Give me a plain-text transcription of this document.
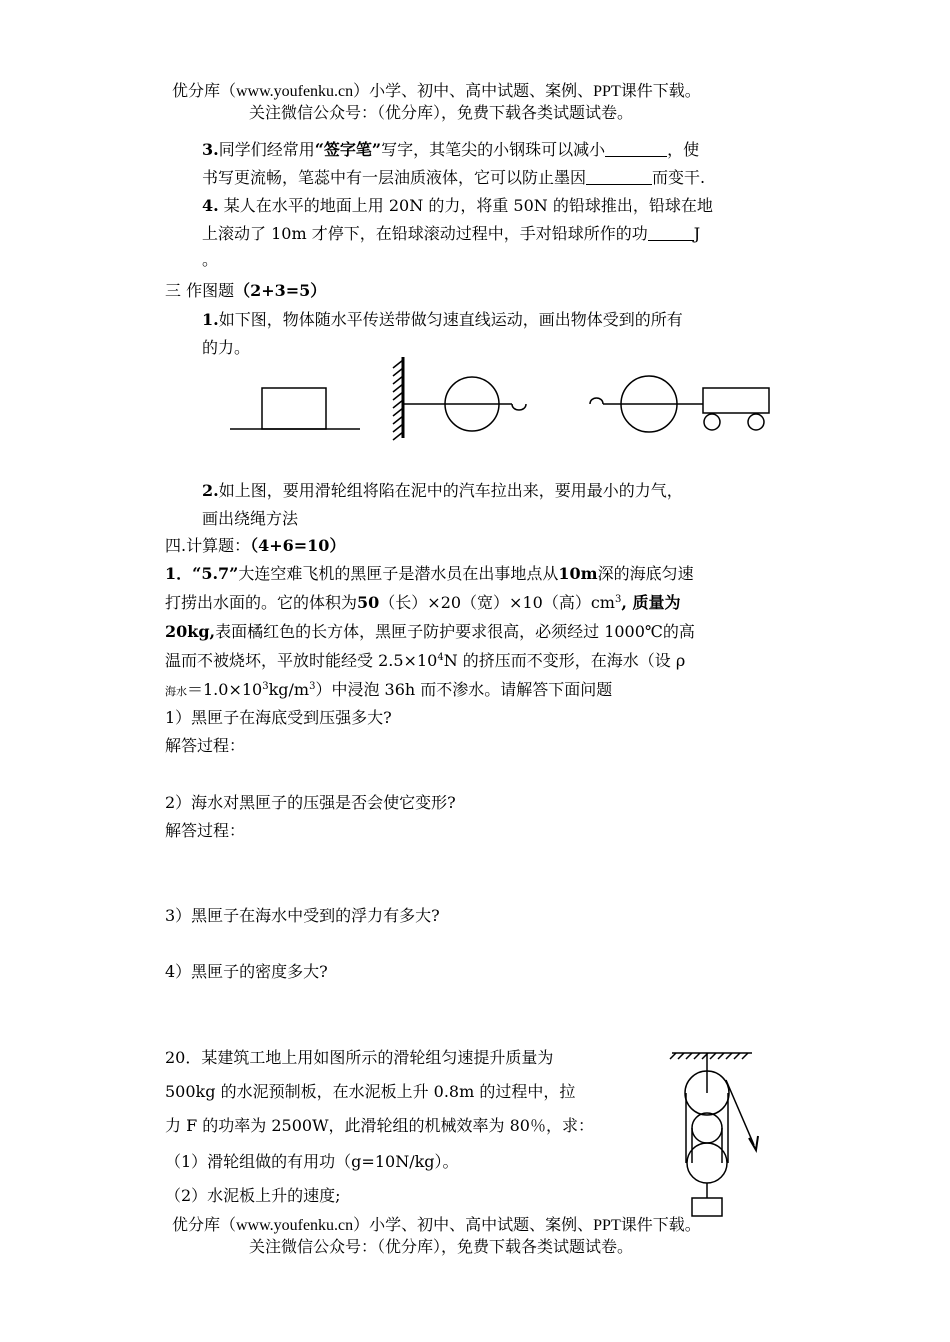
优分库（www.youfenku.cn）小学、初中、高中试题、案例、PPT课件下载。
关注微信公众号：（优分库），免费下载各类试题试卷。
3.同学们经常用“签字笔”写字，其笔尖的小钢珠可以减小	，使
书写更流畅，笔蕊中有一层油质液体，它可以防止墨因	而变干.
4. 某人在水平的地面上用 20N 的力，将重 50N 的铅球推出，铅球在地
上滚动了 10m 才停下，在铅球滚动过程中，手对铅球所作的功	J
。
三 作图题（2+3=5）
1.如下图，物体随水平传送带做匀速直线运动，画出物体受到的所有
的力。
2.如上图，要用滑轮组将陷在泥中的汽车拉出来，要用最小的力气，
画出绕绳方法
四.计算题：（4+6=10）
1．“5.7”大连空难飞机的黑匣子是潜水员在出事地点从10m深的海底匀速
打捞出水面的。它的体积为50（长）×20（宽）×10（高）$cm^3$, 质量为
20kg,表面橘红色的长方体，黑匣子防护要求很高，必须经过 1000℃的高
温而不被烧坏，平放时能经受 $2.5\times 10^4N$ 的挤压而不变形，在海水（设 ρ
海水$=1.0\times 10^3kg/m^3$）中浸泡 36h 而不渗水。请解答下面问题
1）黑匣子在海底受到压强多大?
解答过程：
2）海水对黑匣子的压强是否会使它变形?
解答过程：
3）黑匣子在海水中受到的浮力有多大?
4）黑匣子的密度多大?
20．某建筑工地上用如图所示的滑轮组匀速提升质量为
500kg 的水泥预制板，在水泥板上升 0.8m 的过程中，拉
力 F 的功率为 2500W，此滑轮组的机械效率为 80％，求：
（1）滑轮组做的有用功（g=10N/kg）。
（2）水泥板上升的速度;
优分库（www.youfenku.cn）小学、初中、高中试题、案例、PPT课件下载。
关注微信公众号：（优分库），免费下载各类试题试卷。
